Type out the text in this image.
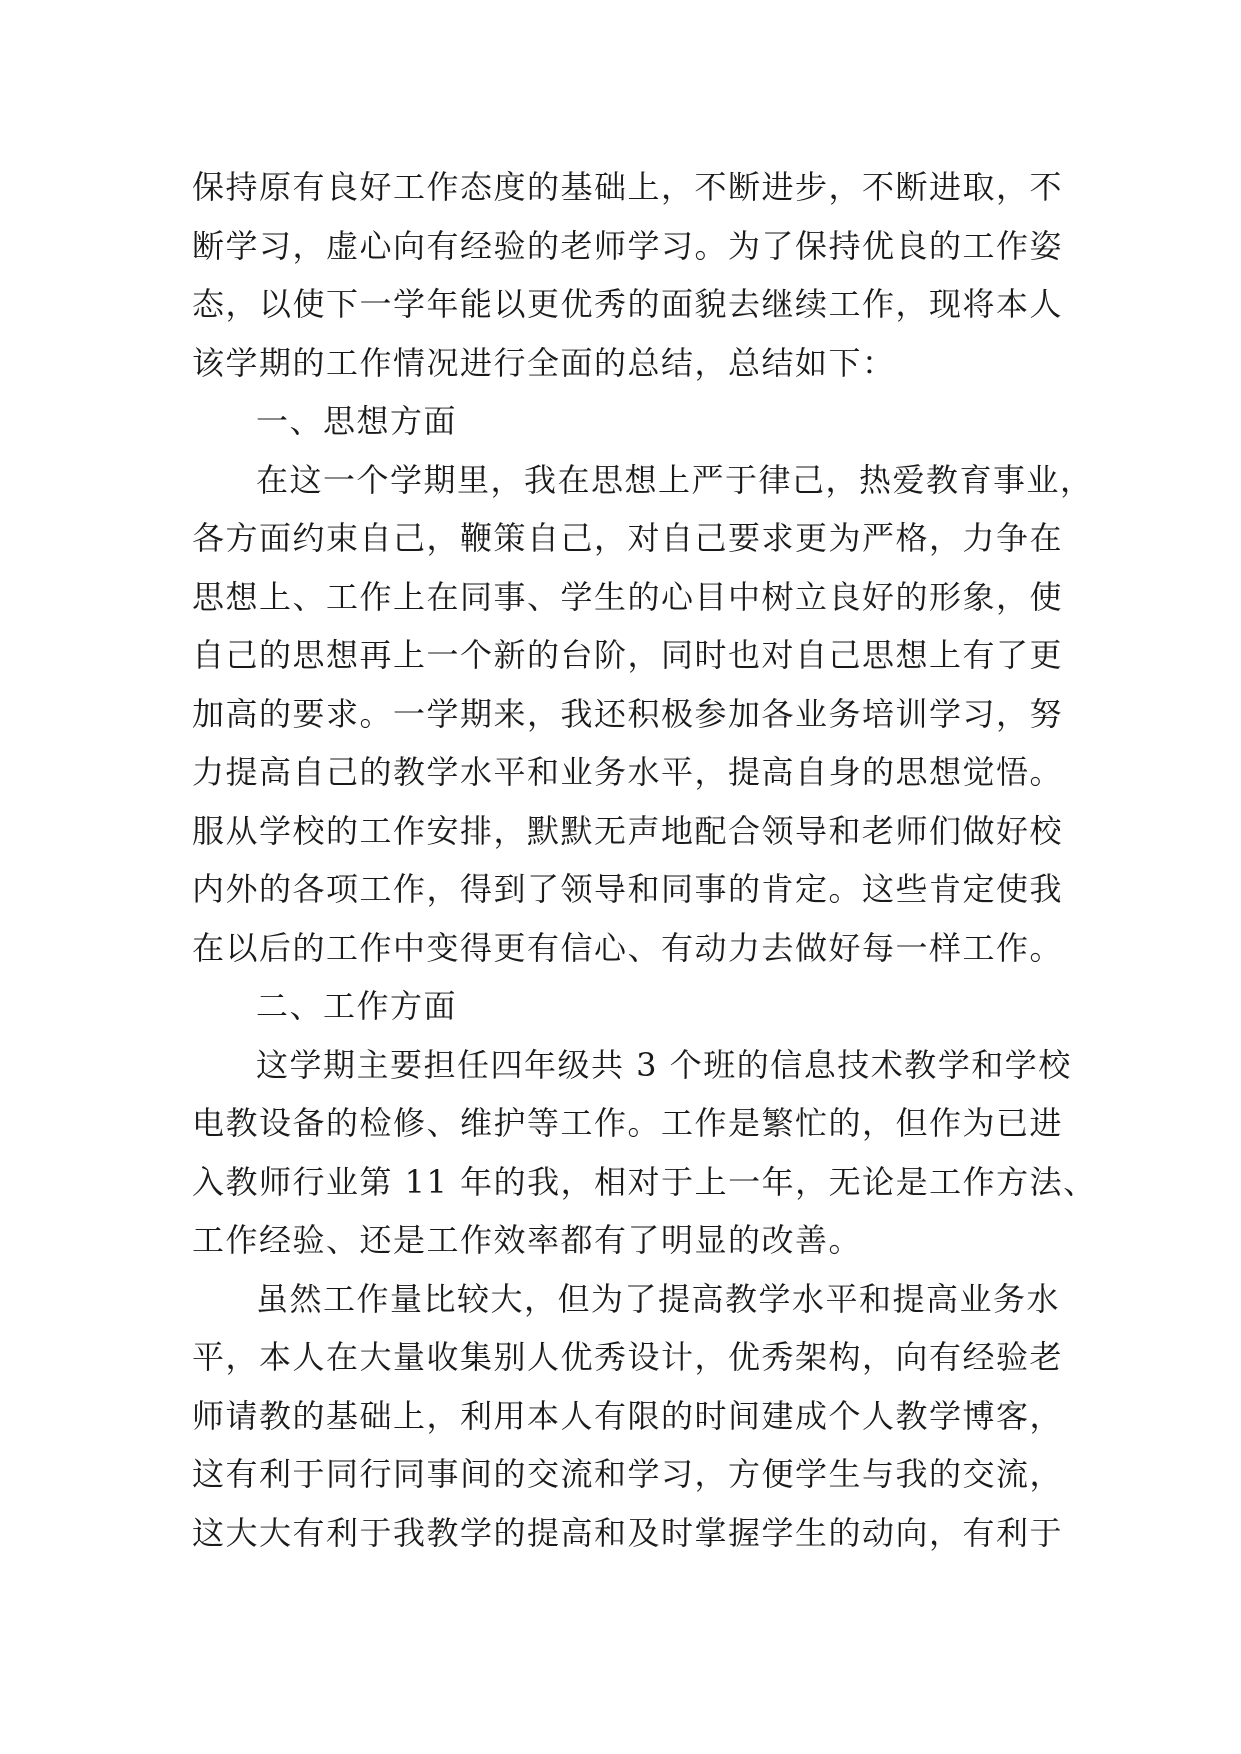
保持原有良好工作态度的基础上，不断进步，不断进取，不
断学习，虚心向有经验的老师学习。为了保持优良的工作姿
态，以使下一学年能以更优秀的面貌去继续工作，现将本人
该学期的工作情况进行全面的总结，总结如下：
一、思想方面
在这一个学期里，我在思想上严于律己，热爱教育事业，
各方面约束自己，鞭策自己，对自己要求更为严格，力争在
思想上、工作上在同事、学生的心目中树立良好的形象，使
自己的思想再上一个新的台阶，同时也对自己思想上有了更
加高的要求。一学期来，我还积极参加各业务培训学习，努
力提高自己的教学水平和业务水平，提高自身的思想觉悟。
服从学校的工作安排，默默无声地配合领导和老师们做好校
内外的各项工作，得到了领导和同事的肯定。这些肯定使我
在以后的工作中变得更有信心、有动力去做好每一样工作。
二、工作方面
这学期主要担任四年级共 3 个班的信息技术教学和学校
电教设备的检修、维护等工作。工作是繁忙的，但作为已进
入教师行业第 11 年的我，相对于上一年，无论是工作方法、
工作经验、还是工作效率都有了明显的改善。
虽然工作量比较大，但为了提高教学水平和提高业务水
平，本人在大量收集别人优秀设计，优秀架构，向有经验老
师请教的基础上，利用本人有限的时间建成个人教学博客，
这有利于同行同事间的交流和学习，方便学生与我的交流，
这大大有利于我教学的提高和及时掌握学生的动向，有利于
